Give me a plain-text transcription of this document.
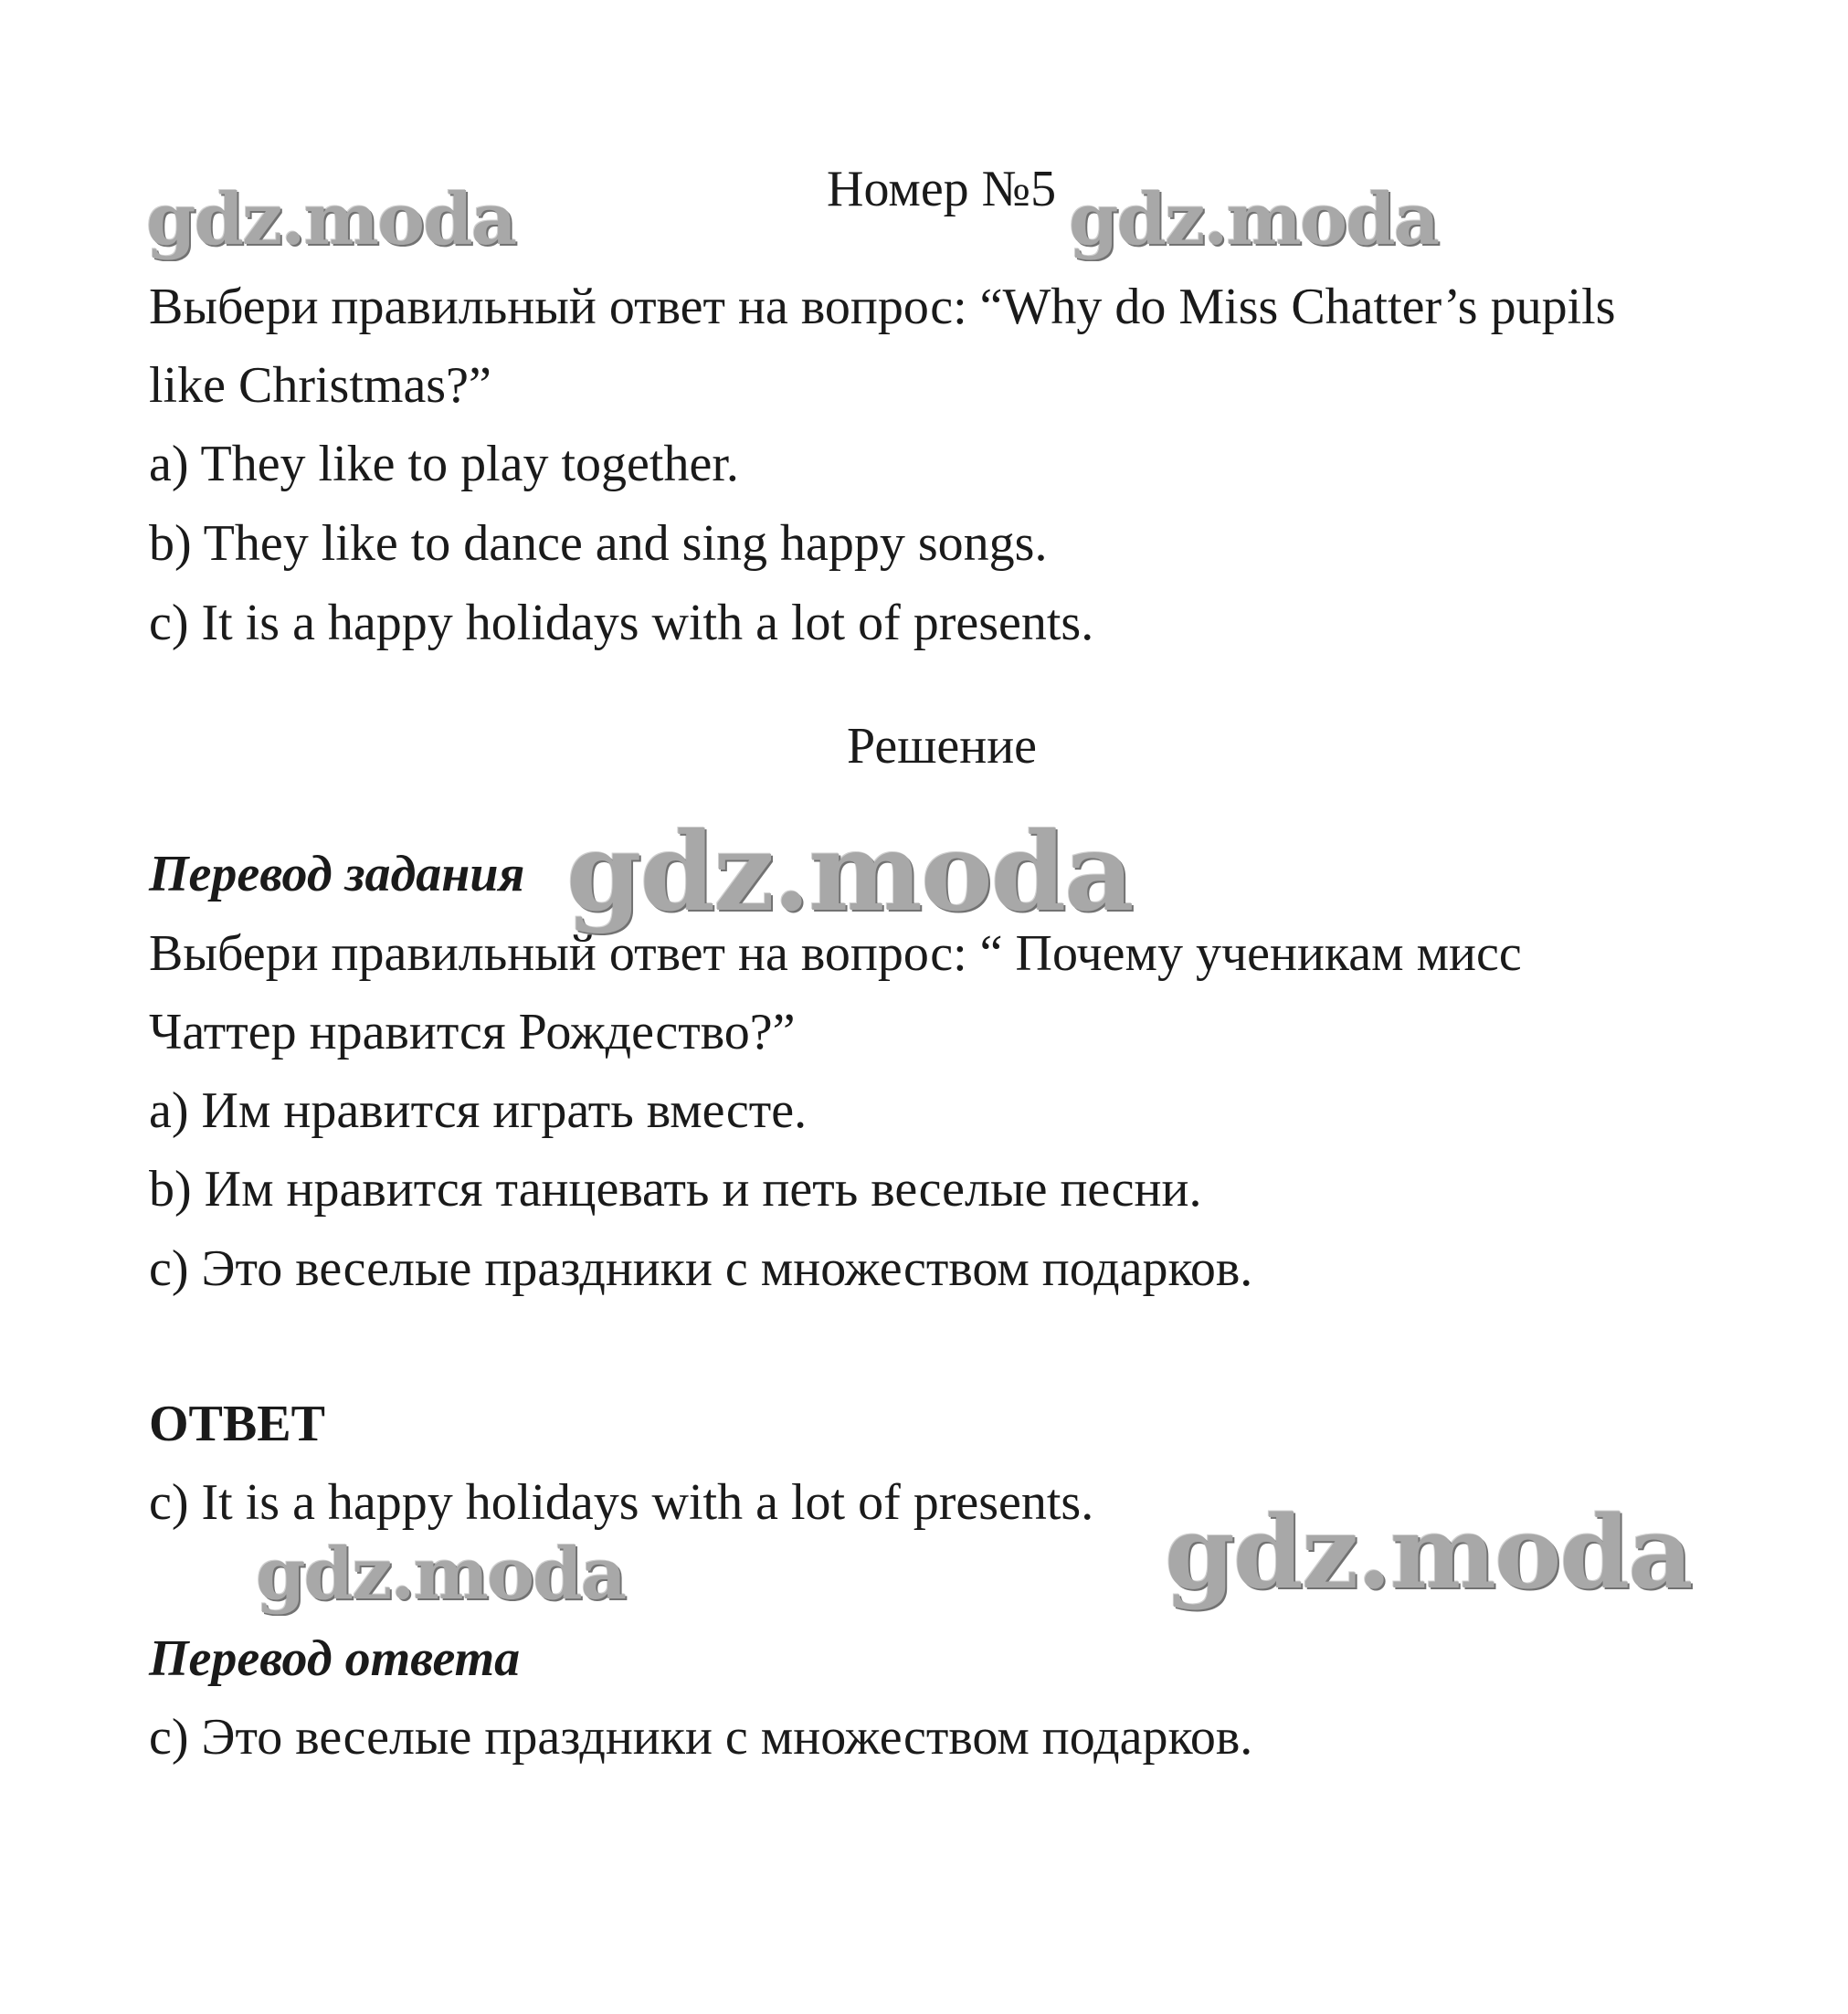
gdz.moda	gdz.moda
gdz.moda
gdz.moda	gdz.moda
Номер №5
Выбери правильный ответ на вопрос: “Why do Miss Chatter’s pupils
like Christmas?”
a) They like to play together.
b) They like to dance and sing happy songs.
c) It is a happy holidays with a lot of presents.
Решение
Перевод задания
Выбери правильный ответ на вопрос: “ Почему ученикам мисс
Чаттер нравится Рождество?”
a) Им нравится играть вместе.
b) Им нравится танцевать и петь веселые песни.
c) Это веселые праздники с множеством подарков.
ОТВЕТ
c) It is a happy holidays with a lot of presents.
Перевод ответа
c) Это веселые праздники с множеством подарков.
